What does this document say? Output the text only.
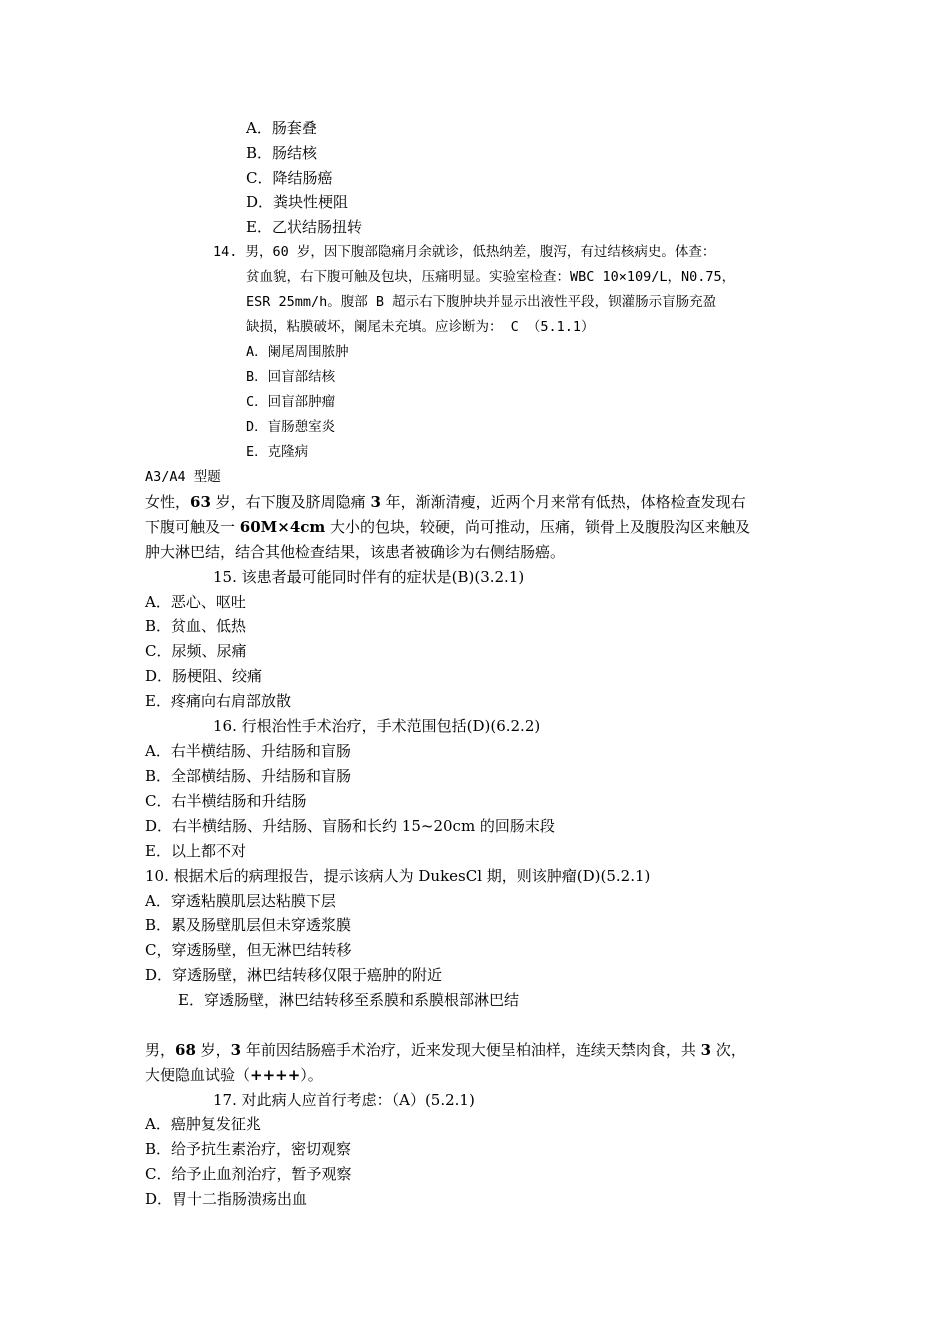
A．肠套叠
B．肠结核
C．降结肠癌
D．粪块性梗阻
E．乙状结肠扭转
14. 男，60 岁，因下腹部隐痛月余就诊，低热纳差，腹泻，有过结核病史。体查：
贫血貌，右下腹可触及包块，压痛明显。实验室检查：WBC 10×109/L，N0.75，
ESR 25mm/h。腹部 B 超示右下腹肿块并显示出液性平段，钡灌肠示盲肠充盈
缺损，粘膜破坏，阑尾未充填。应诊断为： C （5.1.1）
A．阑尾周围脓肿
B．回盲部结核
C．回盲部肿瘤
D．盲肠憩室炎
E．克隆病
A3/A4 型题
女性，63 岁，右下腹及脐周隐痛 3 年，渐渐清瘦，近两个月来常有低热，体格检查发现右
下腹可触及一 60M×4cm 大小的包块，较硬，尚可推动，压痛，锁骨上及腹股沟区来触及
肿大淋巴结，结合其他检查结果，该患者被确诊为右侧结肠癌。
15. 该患者最可能同时伴有的症状是(B)(3.2.1)
A．恶心、呕吐
B．贫血、低热
C．尿频、尿痛
D．肠梗阻、绞痛
E．疼痛向右肩部放散
16. 行根治性手术治疗，手术范围包括(D)(6.2.2)
A．右半横结肠、升结肠和盲肠
B．全部横结肠、升结肠和盲肠
C．右半横结肠和升结肠
D．右半横结肠、升结肠、盲肠和长约 15~20cm 的回肠末段
E．以上都不对
10. 根据术后的病理报告，提示该病人为 DukesCl 期，则该肿瘤(D)(5.2.1)
A．穿透粘膜肌层达粘膜下层
B．累及肠壁肌层但未穿透浆膜
C，穿透肠壁，但无淋巴结转移
D．穿透肠壁，淋巴结转移仅限于癌肿的附近
E．穿透肠壁，淋巴结转移至系膜和系膜根部淋巴结
男，68 岁，3 年前因结肠癌手术治疗，近来发现大便呈柏油样，连续天禁肉食，共 3 次，
大便隐血试验（++++）。
17. 对此病人应首行考虑：（A）(5.2.1)
A．癌肿复发征兆
B．给予抗生素治疗，密切观察
C．给予止血剂治疗，暂予观察
D．胃十二指肠溃疡出血
